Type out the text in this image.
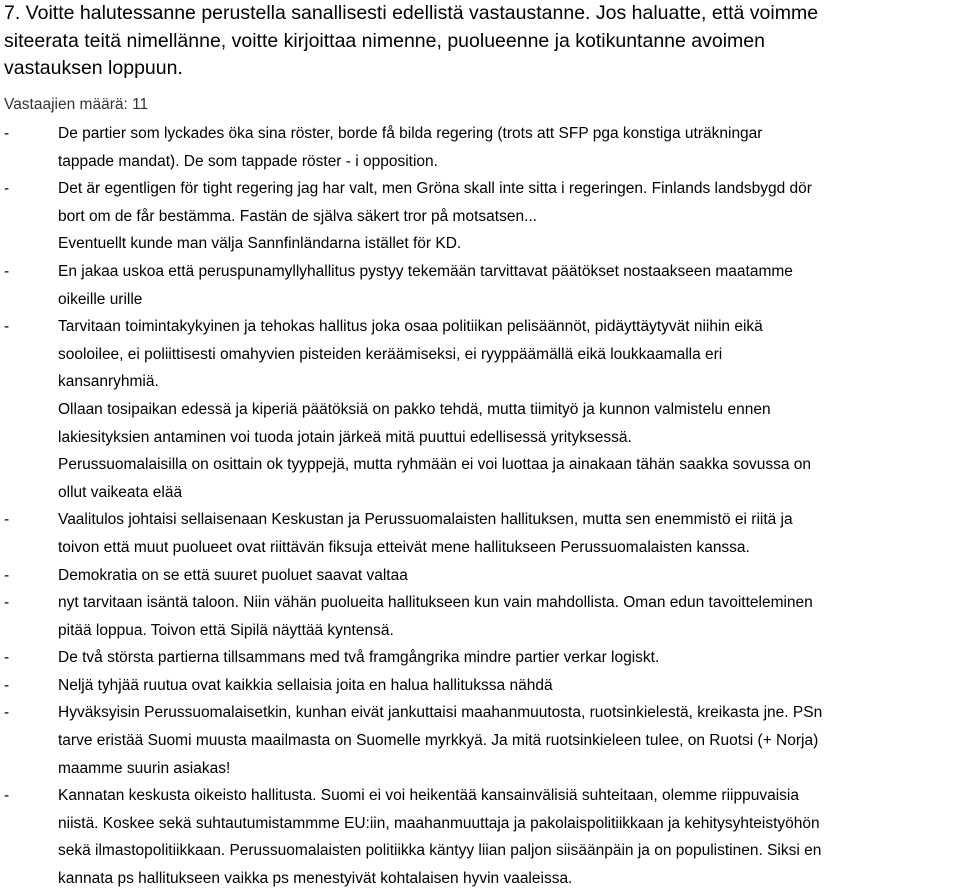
7. Voitte halutessanne perustella sanallisesti edellistä vastaustanne. Jos haluatte, että voimme
siteerata teitä nimellänne, voitte kirjoittaa nimenne, puolueenne ja kotikuntanne avoimen
vastauksen loppuun.
Vastaajien määrä: 11
-	De partier som lyckades öka sina röster, borde få bilda regering (trots att SFP pga konstiga uträkningar
tappade mandat). De som tappade röster - i opposition.
-	Det är egentligen för tight regering jag har valt, men Gröna skall inte sitta i regeringen. Finlands landsbygd dör
bort om de får bestämma. Fastän de själva säkert tror på motsatsen...
Eventuellt kunde man välja Sannfinländarna istället för KD.
-	En jakaa uskoa että peruspunamyllyhallitus pystyy tekemään tarvittavat päätökset nostaakseen maatamme
oikeille urille
-	Tarvitaan toimintakykyinen ja tehokas hallitus joka osaa politiikan pelisäännöt, pidäyttäytyvät niihin eikä
sooloilee, ei poliittisesti omahyvien pisteiden keräämiseksi, ei ryyppäämällä eikä loukkaamalla eri
kansanryhmiä.
Ollaan tosipaikan edessä ja kiperiä päätöksiä on pakko tehdä, mutta tiimityö ja kunnon valmistelu ennen
lakiesityksien antaminen voi tuoda jotain järkeä mitä puuttui edellisessä yrityksessä.
Perussuomalaisilla on osittain ok tyyppejä, mutta ryhmään ei voi luottaa ja ainakaan tähän saakka sovussa on
ollut vaikeata elää
-	Vaalitulos johtaisi sellaisenaan Keskustan ja Perussuomalaisten hallituksen, mutta sen enemmistö ei riitä ja
toivon että muut puolueet ovat riittävän fiksuja etteivät mene hallitukseen Perussuomalaisten kanssa.
-	Demokratia on se että suuret puoluet saavat valtaa
-	nyt tarvitaan isäntä taloon. Niin vähän puolueita hallitukseen kun vain mahdollista. Oman edun tavoitteleminen
pitää loppua. Toivon että Sipilä näyttää kyntensä.
-	De två största partierna tillsammans med två framgångrika mindre partier verkar logiskt.
-	Neljä tyhjää ruutua ovat kaikkia sellaisia joita en halua hallitukssa nähdä
-	Hyväksyisin Perussuomalaisetkin, kunhan eivät jankuttaisi maahanmuutosta, ruotsinkielestä, kreikasta jne. PSn
tarve eristää Suomi muusta maailmasta on Suomelle myrkkyä. Ja mitä ruotsinkieleen tulee, on Ruotsi (+ Norja)
maamme suurin asiakas!
-	Kannatan keskusta oikeisto hallitusta. Suomi ei voi heikentää kansainvälisiä suhteitaan, olemme riippuvaisia
niistä. Koskee sekä suhtautumistammme EU:iin, maahanmuuttaja ja pakolaispolitiikkaan ja kehitysyhteistyöhön
sekä ilmastopolitiikkaan. Perussuomalaisten politiikka käntyy liian paljon siisäänpäin ja on populistinen. Siksi en
kannata ps hallitukseen vaikka ps menestyivät kohtalaisen hyvin vaaleissa.
